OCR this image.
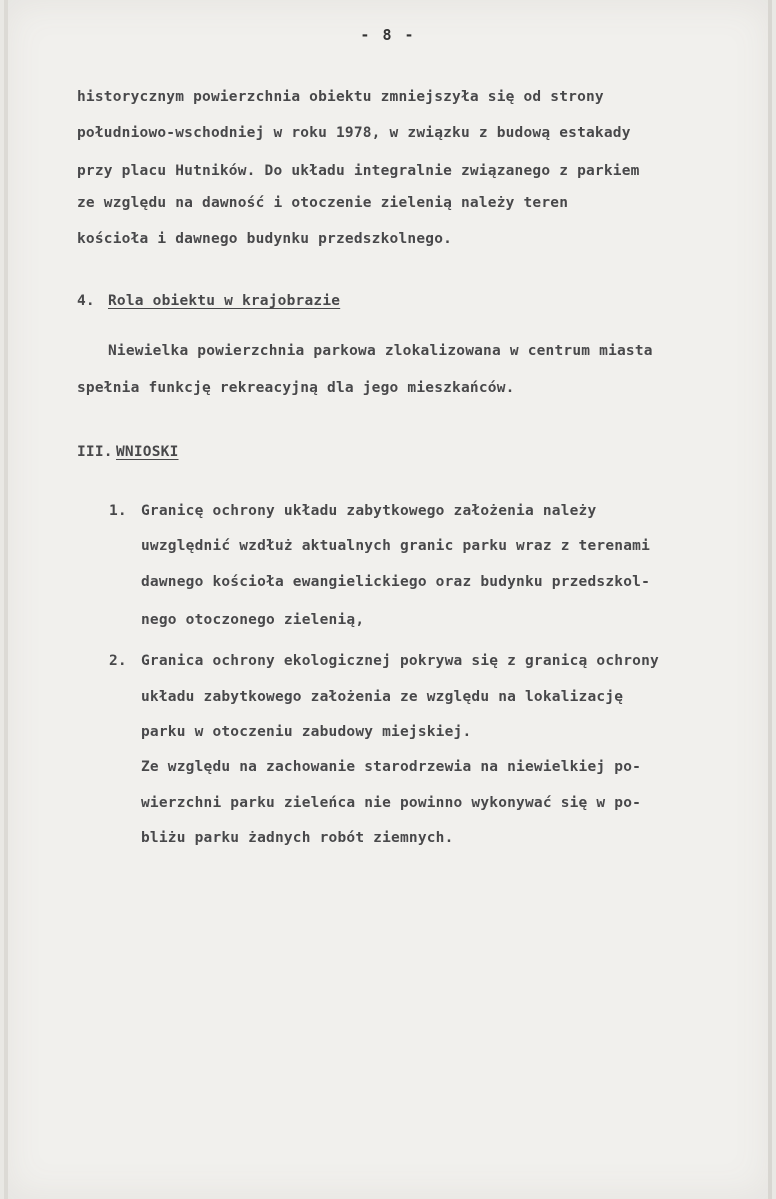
- 8 -
historycznym powierzchnia obiektu zmniejszyła się od strony
południowo-wschodniej w roku 1978, w związku z budową estakady
przy placu Hutników. Do układu integralnie związanego z parkiem
ze względu na dawność i otoczenie zielenią należy teren
kościoła i dawnego budynku przedszkolnego.
4. Rola obiektu w krajobrazie
Niewielka powierzchnia parkowa zlokalizowana w centrum miasta
spełnia funkcję rekreacyjną dla jego mieszkańców.
III. WNIOSKI
1. Granicę ochrony układu zabytkowego założenia należy
uwzględnić wzdłuż aktualnych granic parku wraz z terenami
dawnego kościoła ewangielickiego oraz budynku przedszkol-
nego otoczonego zielenią,
2. Granica ochrony ekologicznej pokrywa się z granicą ochrony
układu zabytkowego założenia ze względu na lokalizację
parku w otoczeniu zabudowy miejskiej.
Ze względu na zachowanie starodrzewia na niewielkiej po-
wierzchni parku zieleńca nie powinno wykonywać się w po-
bliżu parku żadnych robót ziemnych.
